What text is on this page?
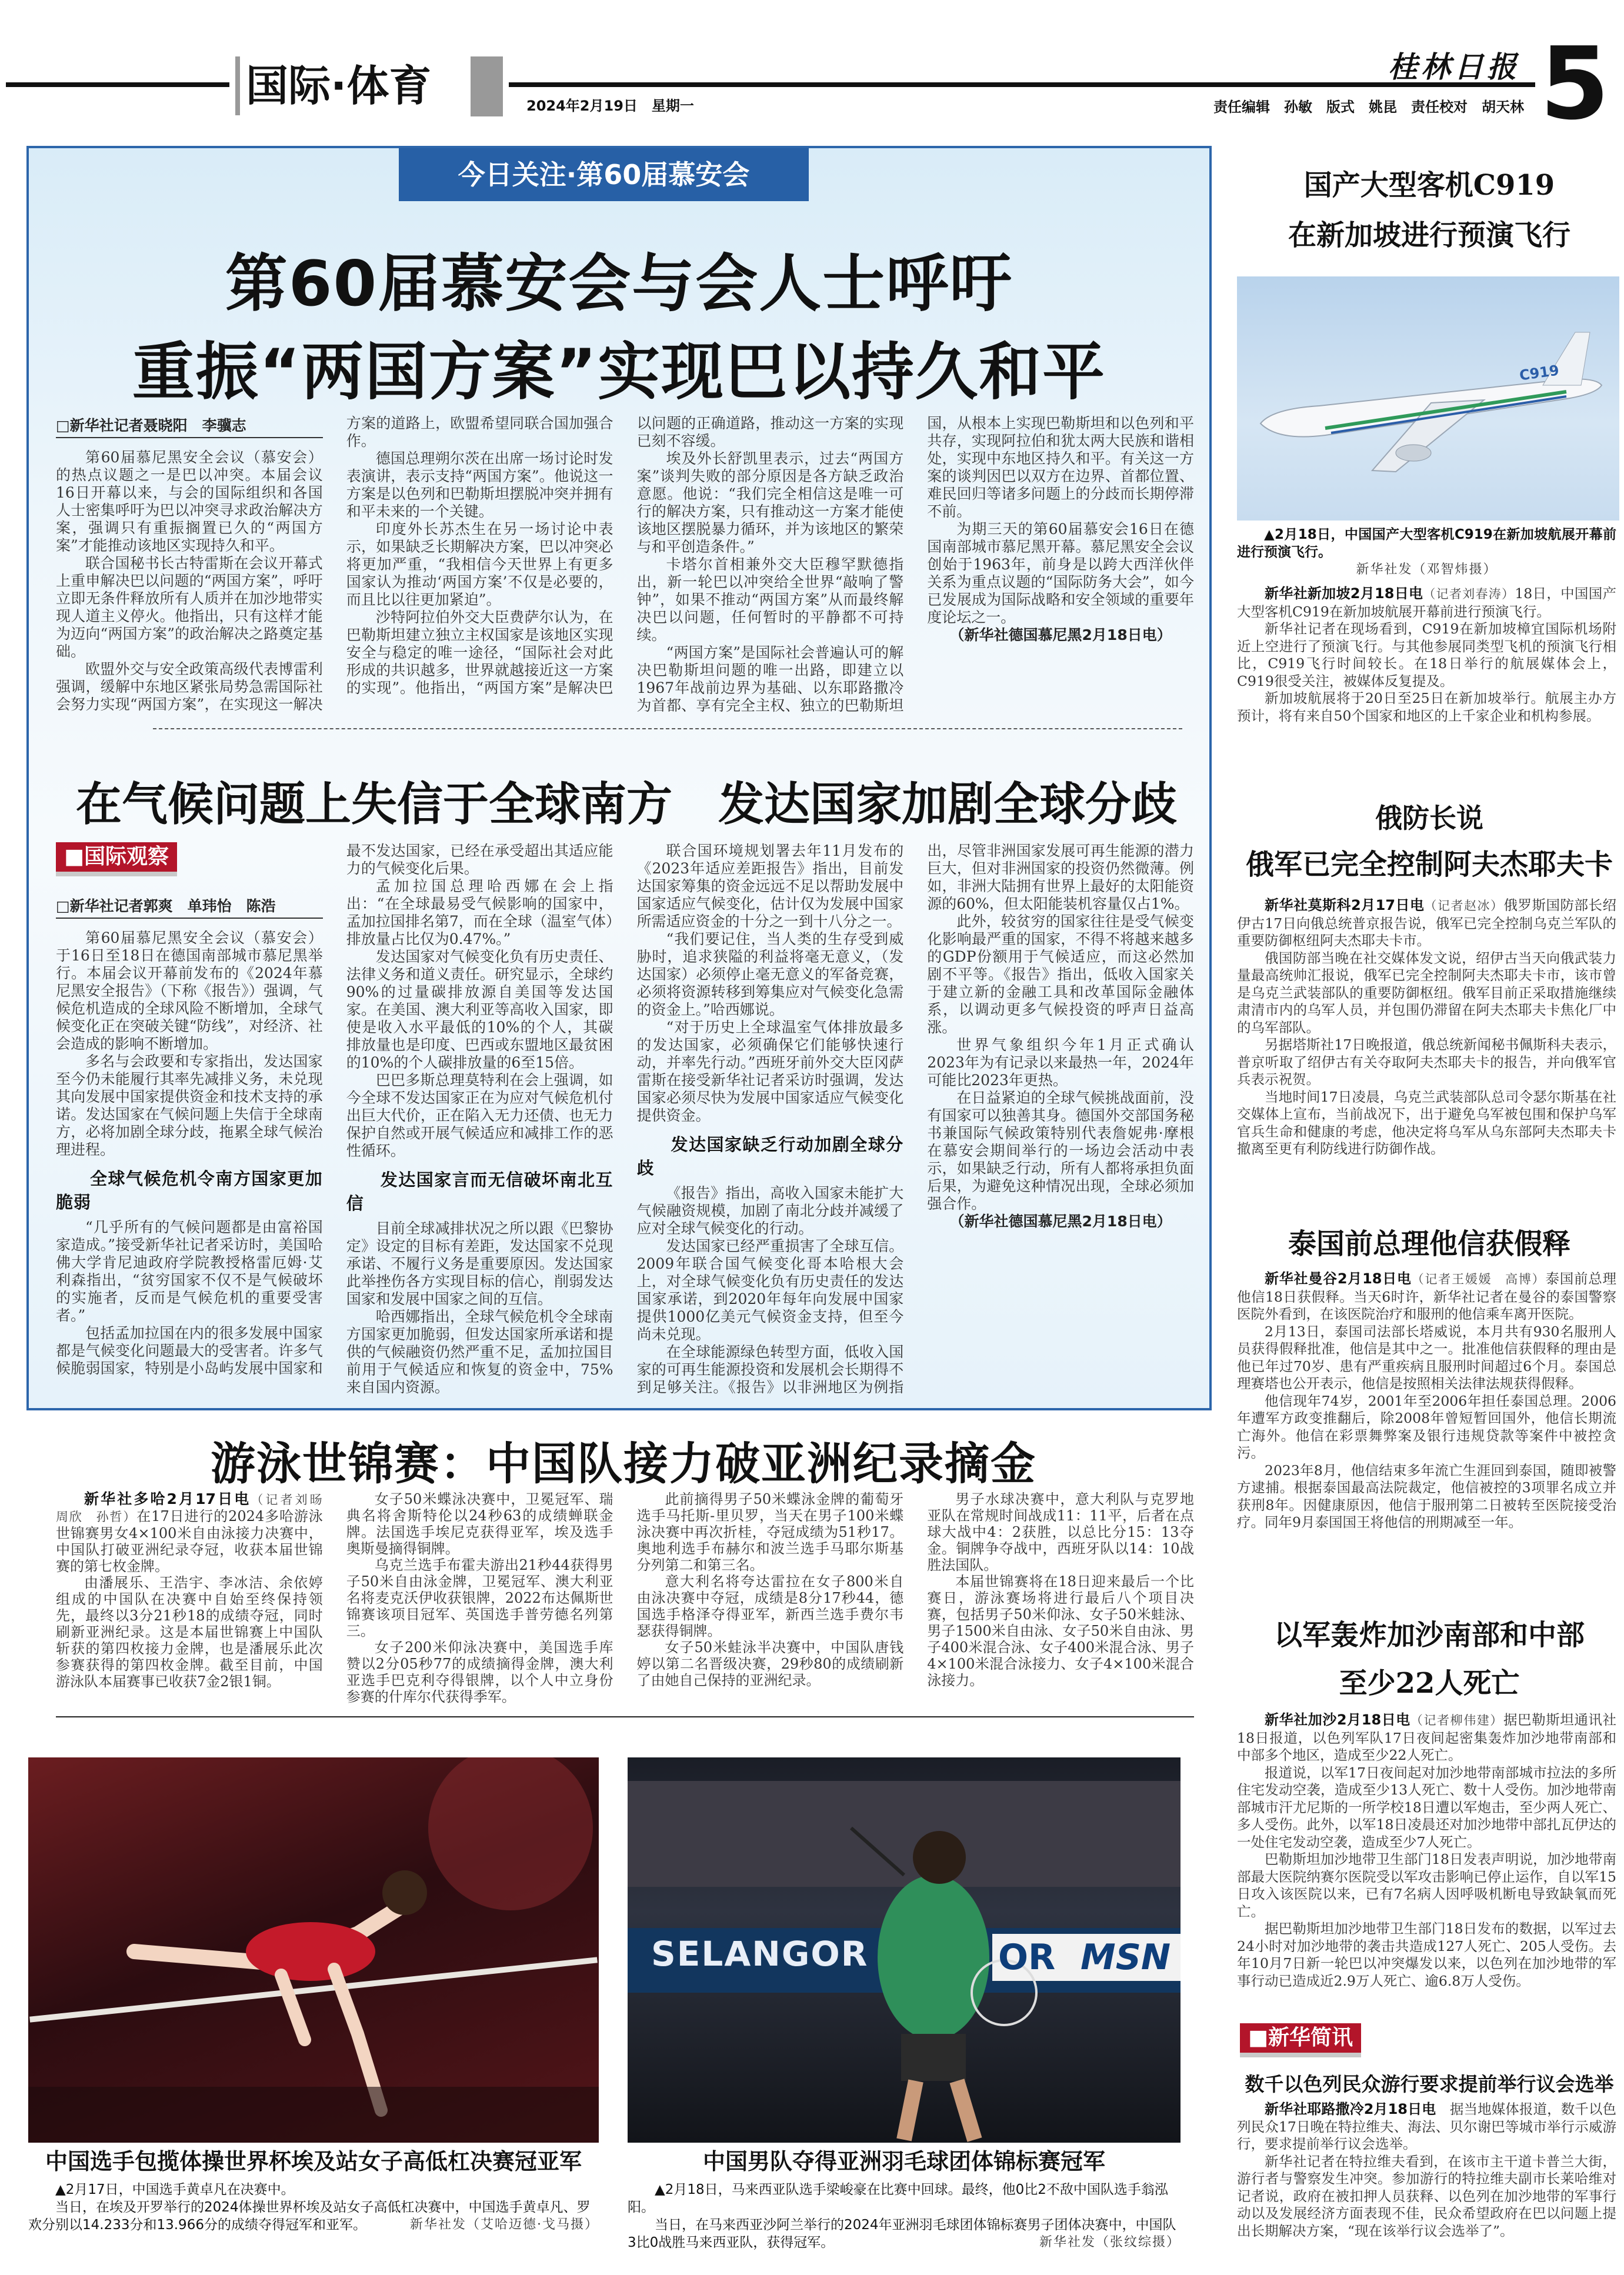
国际·体育	2024年2月19日　星期一
桂林日报
责任编辑　孙敏　版式　姚昆　责任校对　胡天林 5
今日关注·第60届慕安会
第60届慕安会与会人士呼吁
重振“两国方案”实现巴以持久和平
□新华社记者聂晓阳　李骥志

第60届慕尼黑安全会议（慕安会）的热点议题之一是巴以冲突。本届会议16日开幕以来，与会的国际组织和各国人士密集呼吁为巴以冲突寻求政治解决方案，强调只有重振搁置已久的“两国方案”才能推动该地区实现持久和平。

联合国秘书长古特雷斯在会议开幕式上重申解决巴以问题的“两国方案”，呼吁立即无条件释放所有人质并在加沙地带实现人道主义停火。他指出，只有这样才能为迈向“两国方案”的政治解决之路奠定基础。

欧盟外交与安全政策高级代表博雷利强调，缓解中东地区紧张局势急需国际社会努力实现“两国方案”，在实现这一解决方案的道路上，欧盟希望同联合国加强合作。

德国总理朔尔茨在出席一场讨论时发表演讲，表示支持“两国方案”。他说这一方案是以色列和巴勒斯坦摆脱冲突并拥有和平未来的一个关键。

印度外长苏杰生在另一场讨论中表示，如果缺乏长期解决方案，巴以冲突必将更加严重，“我相信今天世界上有更多国家认为推动‘两国方案’不仅是必要的，而且比以往更加紧迫”。

沙特阿拉伯外交大臣费萨尔认为，在巴勒斯坦建立独立主权国家是该地区实现安全与稳定的唯一途径，“国际社会对此形成的共识越多，世界就越接近这一方案的实现”。他指出，“两国方案”是解决巴以问题的正确道路，推动这一方案的实现已刻不容缓。

埃及外长舒凯里表示，过去“两国方案”谈判失败的部分原因是各方缺乏政治意愿。他说：“我们完全相信这是唯一可行的解决方案，只有推动这一方案才能使该地区摆脱暴力循环，并为该地区的繁荣与和平创造条件。”

卡塔尔首相兼外交大臣穆罕默德指出，新一轮巴以冲突给全世界“敲响了警钟”，如果不推动“两国方案”从而最终解决巴以问题，任何暂时的平静都不可持续。

“两国方案”是国际社会普遍认可的解决巴勒斯坦问题的唯一出路，即建立以1967年战前边界为基础、以东耶路撒冷为首都、享有完全主权、独立的巴勒斯坦国，从根本上实现巴勒斯坦和以色列和平共存，实现阿拉伯和犹太两大民族和谐相处，实现中东地区持久和平。有关这一方案的谈判因巴以双方在边界、首都位置、难民回归等诸多问题上的分歧而长期停滞不前。

为期三天的第60届慕安会16日在德国南部城市慕尼黑开幕。慕尼黑安全会议创始于1963年，前身是以跨大西洋伙伴关系为重点议题的“国际防务大会”，如今已发展成为国际战略和安全领域的重要年度论坛之一。

（新华社德国慕尼黑2月18日电）

在气候问题上失信于全球南方　发达国家加剧全球分歧
■国际观察
□新华社记者郭爽　单玮怡　陈浩

第60届慕尼黑安全会议（慕安会）于16日至18日在德国南部城市慕尼黑举行。本届会议开幕前发布的《2024年慕尼黑安全报告》（下称《报告》）强调，气候危机造成的全球风险不断增加，全球气候变化正在突破关键“防线”，对经济、社会造成的影响不断增加。

多名与会政要和专家指出，发达国家至今仍未能履行其率先减排义务，未兑现其向发展中国家提供资金和技术支持的承诺。发达国家在气候问题上失信于全球南方，必将加剧全球分歧，拖累全球气候治理进程。

全球气候危机令南方国家更加脆弱

“几乎所有的气候问题都是由富裕国家造成。”接受新华社记者采访时，美国哈佛大学肯尼迪政府学院教授格雷厄姆·艾利森指出，“贫穷国家不仅不是气候破坏的实施者，反而是气候危机的重要受害者。”

包括孟加拉国在内的很多发展中国家都是气候变化问题最大的受害者。许多气候脆弱国家，特别是小岛屿发展中国家和最不发达国家，已经在承受超出其适应能力的气候变化后果。

孟加拉国总理哈西娜在会上指出：“在全球最易受气候影响的国家中，孟加拉国排名第7，而在全球（温室气体）排放量占比仅为0.47%。”

发达国家对气候变化负有历史责任、法律义务和道义责任。研究显示，全球约90%的过量碳排放源自美国等发达国家。在美国、澳大利亚等高收入国家，即使是收入水平最低的10%的个人，其碳排放量也是印度、巴西或东盟地区最贫困的10%的个人碳排放量的6至15倍。

巴巴多斯总理莫特利在会上强调，如今全球不发达国家正在为应对气候危机付出巨大代价，正在陷入无力还债、也无力保护自然或开展气候适应和减排工作的恶性循环。

发达国家言而无信破坏南北互信

目前全球减排状况之所以跟《巴黎协定》设定的目标有差距，发达国家不兑现承诺、不履行义务是重要原因。发达国家此举挫伤各方实现目标的信心，削弱发达国家和发展中国家之间的互信。

哈西娜指出，全球气候危机令全球南方国家更加脆弱，但发达国家所承诺和提供的气候融资仍然严重不足，孟加拉国目前用于气候适应和恢复的资金中，75%来自国内资源。

联合国环境规划署去年11月发布的《2023年适应差距报告》指出，目前发达国家筹集的资金远远不足以帮助发展中国家适应气候变化，估计仅为发展中国家所需适应资金的十分之一到十八分之一。

“我们要记住，当人类的生存受到威胁时，追求狭隘的利益将毫无意义，（发达国家）必须停止毫无意义的军备竞赛，必须将资源转移到筹集应对气候变化急需的资金上。”哈西娜说。

“对于历史上全球温室气体排放最多的发达国家，必须确保它们能够快速行动，并率先行动。”西班牙前外交大臣冈萨雷斯在接受新华社记者采访时强调，发达国家必须尽快为发展中国家适应气候变化提供资金。

发达国家缺乏行动加剧全球分歧

《报告》指出，高收入国家未能扩大气候融资规模，加剧了南北分歧并减缓了应对全球气候变化的行动。

发达国家已经严重损害了全球互信。2009年联合国气候变化哥本哈根大会上，对全球气候变化负有历史责任的发达国家承诺，到2020年每年向发展中国家提供1000亿美元气候资金支持，但至今尚未兑现。

在全球能源绿色转型方面，低收入国家的可再生能源投资和发展机会长期得不到足够关注。《报告》以非洲地区为例指出，尽管非洲国家发展可再生能源的潜力巨大，但对非洲国家的投资仍然微薄。例如，非洲大陆拥有世界上最好的太阳能资源的60%，但太阳能装机容量仅占1%。

此外，较贫穷的国家往往是受气候变化影响最严重的国家，不得不将越来越多的GDP份额用于气候适应，而这必然加剧不平等。《报告》指出，低收入国家关于建立新的金融工具和改革国际金融体系，以调动更多气候投资的呼声日益高涨。

世界气象组织今年1月正式确认2023年为有记录以来最热一年，2024年可能比2023年更热。

在日益紧迫的全球气候挑战面前，没有国家可以独善其身。德国外交部国务秘书兼国际气候政策特别代表詹妮弗·摩根在慕安会期间举行的一场边会活动中表示，如果缺乏行动，所有人都将承担负面后果，为避免这种情况出现，全球必须加强合作。

（新华社德国慕尼黑2月18日电）

游泳世锦赛：中国队接力破亚洲纪录摘金

新华社多哈2月17日电（记者刘旸　周欣　孙哲）在17日进行的2024多哈游泳世锦赛男女4×100米自由泳接力决赛中，中国队打破亚洲纪录夺冠，收获本届世锦赛的第七枚金牌。

由潘展乐、王浩宇、李冰洁、余依婷组成的中国队在决赛中自始至终保持领先，最终以3分21秒18的成绩夺冠，同时刷新亚洲纪录。这是本届世锦赛上中国队斩获的第四枚接力金牌，也是潘展乐此次参赛获得的第四枚金牌。截至目前，中国游泳队本届赛事已收获7金2银1铜。

女子50米蝶泳决赛中，卫冕冠军、瑞典名将舍斯特伦以24秒63的成绩蝉联金牌。法国选手埃尼克获得亚军，埃及选手奥斯曼摘得铜牌。

乌克兰选手布霍夫游出21秒44获得男子50米自由泳金牌，卫冕冠军、澳大利亚名将麦克沃伊收获银牌，2022布达佩斯世锦赛该项目冠军、英国选手普劳德名列第三。

女子200米仰泳决赛中，美国选手库赞以2分05秒77的成绩摘得金牌，澳大利亚选手巴克利夺得银牌，以个人中立身份参赛的什库尔代获得季军。

此前摘得男子50米蝶泳金牌的葡萄牙选手马托斯-里贝罗，当天在男子100米蝶泳决赛中再次折桂，夺冠成绩为51秒17。奥地利选手布赫尔和波兰选手马耶尔斯基分列第二和第三名。

意大利名将夸达雷拉在女子800米自由泳决赛中夺冠，成绩是8分17秒44，德国选手格泽夺得亚军，新西兰选手费尔韦瑟获得铜牌。

女子50米蛙泳半决赛中，中国队唐钱婷以第二名晋级决赛，29秒80的成绩刷新了由她自己保持的亚洲纪录。

男子水球决赛中，意大利队与克罗地亚队在常规时间战成11：11平，后者在点球大战中4：2获胜，以总比分15：13夺金。铜牌争夺战中，西班牙队以14：10战胜法国队。

本届世锦赛将在18日迎来最后一个比赛日，游泳赛场将进行最后八个项目决赛，包括男子50米仰泳、女子50米蛙泳、男子1500米自由泳、女子50米自由泳、男子400米混合泳、女子400米混合泳、男子4×100米混合泳接力、女子4×100米混合泳接力。

SELANGOR	OR MSN
中国选手包揽体操世界杯埃及站女子高低杠决赛冠亚军
▲2月17日，中国选手黄卓凡在决赛中。
当日，在埃及开罗举行的2024体操世界杯埃及站女子高低杠决赛中，中国选手黄卓凡、罗欢分别以14.233分和13.966分的成绩夺得冠军和亚军。	新华社发（艾哈迈德·戈马摄）
中国男队夺得亚洲羽毛球团体锦标赛冠军
▲2月18日，马来西亚队选手梁峻豪在比赛中回球。最终，他0比2不敌中国队选手翁泓阳。
当日，在马来西亚沙阿兰举行的2024年亚洲羽毛球团体锦标赛男子团体决赛中，中国队3比0战胜马来西亚队，获得冠军。	新华社发（张纹综摄）
国产大型客机C919
在新加坡进行预演飞行
C919

▲2月18日，中国国产大型客机C919在新加坡航展开幕前进行预演飞行。

新华社发（邓智炜摄）

新华社新加坡2月18日电（记者刘春涛）18日，中国国产大型客机C919在新加坡航展开幕前进行预演飞行。

新华社记者在现场看到，C919在新加坡樟宜国际机场附近上空进行了预演飞行。与其他参展同类型飞机的预演飞行相比，C919飞行时间较长。在18日举行的航展媒体会上，C919很受关注，被媒体反复提及。

新加坡航展将于20日至25日在新加坡举行。航展主办方预计，将有来自50个国家和地区的上千家企业和机构参展。

俄防长说
俄军已完全控制阿夫杰耶夫卡

新华社莫斯科2月17日电（记者赵冰）俄罗斯国防部长绍伊古17日向俄总统普京报告说，俄军已完全控制乌克兰军队的重要防御枢纽阿夫杰耶夫卡市。

俄国防部当晚在社交媒体发文说，绍伊古当天向俄武装力量最高统帅汇报说，俄军已完全控制阿夫杰耶夫卡市，该市曾是乌克兰武装部队的重要防御枢纽。俄军目前正采取措施继续肃清市内的乌军人员，并包围仍滞留在阿夫杰耶夫卡焦化厂中的乌军部队。

另据塔斯社17日晚报道，俄总统新闻秘书佩斯科夫表示，普京听取了绍伊古有关夺取阿夫杰耶夫卡的报告，并向俄军官兵表示祝贺。

当地时间17日凌晨，乌克兰武装部队总司令瑟尔斯基在社交媒体上宣布，当前战况下，出于避免乌军被包围和保护乌军官兵生命和健康的考虑，他决定将乌军从乌东部阿夫杰耶夫卡撤离至更有利防线进行防御作战。

泰国前总理他信获假释

新华社曼谷2月18日电（记者王媛媛　高博）泰国前总理他信18日获假释。当天6时许，新华社记者在曼谷的泰国警察医院外看到，在该医院治疗和服刑的他信乘车离开医院。

2月13日，泰国司法部长塔威说，本月共有930名服刑人员获得假释批准，他信是其中之一。批准他信获假释的理由是他已年过70岁、患有严重疾病且服刑时间超过6个月。泰国总理赛塔也公开表示，他信是按照相关法律法规获得假释。

他信现年74岁，2001年至2006年担任泰国总理。2006年遭军方政变推翻后，除2008年曾短暂回国外，他信长期流亡海外。他信在彩票舞弊案及银行违规贷款等案件中被控贪污。

2023年8月，他信结束多年流亡生涯回到泰国，随即被警方逮捕。根据泰国最高法院裁定，他信被控的3项罪名成立并获刑8年。因健康原因，他信于服刑第二日被转至医院接受治疗。同年9月泰国国王将他信的刑期减至一年。

以军轰炸加沙南部和中部
至少22人死亡

新华社加沙2月18日电（记者柳伟建）据巴勒斯坦通讯社18日报道，以色列军队17日夜间起密集轰炸加沙地带南部和中部多个地区，造成至少22人死亡。

报道说，以军17日夜间起对加沙地带南部城市拉法的多所住宅发动空袭，造成至少13人死亡、数十人受伤。加沙地带南部城市汗尤尼斯的一所学校18日遭以军炮击，至少两人死亡、多人受伤。此外，以军18日凌晨还对加沙地带中部扎瓦伊达的一处住宅发动空袭，造成至少7人死亡。

巴勒斯坦加沙地带卫生部门18日发表声明说，加沙地带南部最大医院纳赛尔医院受以军攻击影响已停止运作，自以军15日攻入该医院以来，已有7名病人因呼吸机断电导致缺氧而死亡。

据巴勒斯坦加沙地带卫生部门18日发布的数据，以军过去24小时对加沙地带的袭击共造成127人死亡、205人受伤。去年10月7日新一轮巴以冲突爆发以来，以色列在加沙地带的军事行动已造成近2.9万人死亡、逾6.8万人受伤。

■新华简讯
数千以色列民众游行要求提前举行议会选举

新华社耶路撒冷2月18日电　据当地媒体报道，数千以色列民众17日晚在特拉维夫、海法、贝尔谢巴等城市举行示威游行，要求提前举行议会选举。

新华社记者在特拉维夫看到，在该市主干道卡普兰大街，游行者与警察发生冲突。参加游行的特拉维夫副市长莱哈维对记者说，政府在被扣押人员获释、以色列在加沙地带的军事行动以及发展经济方面表现不佳，民众希望政府在巴以问题上提出长期解决方案，“现在该举行议会选举了”。
